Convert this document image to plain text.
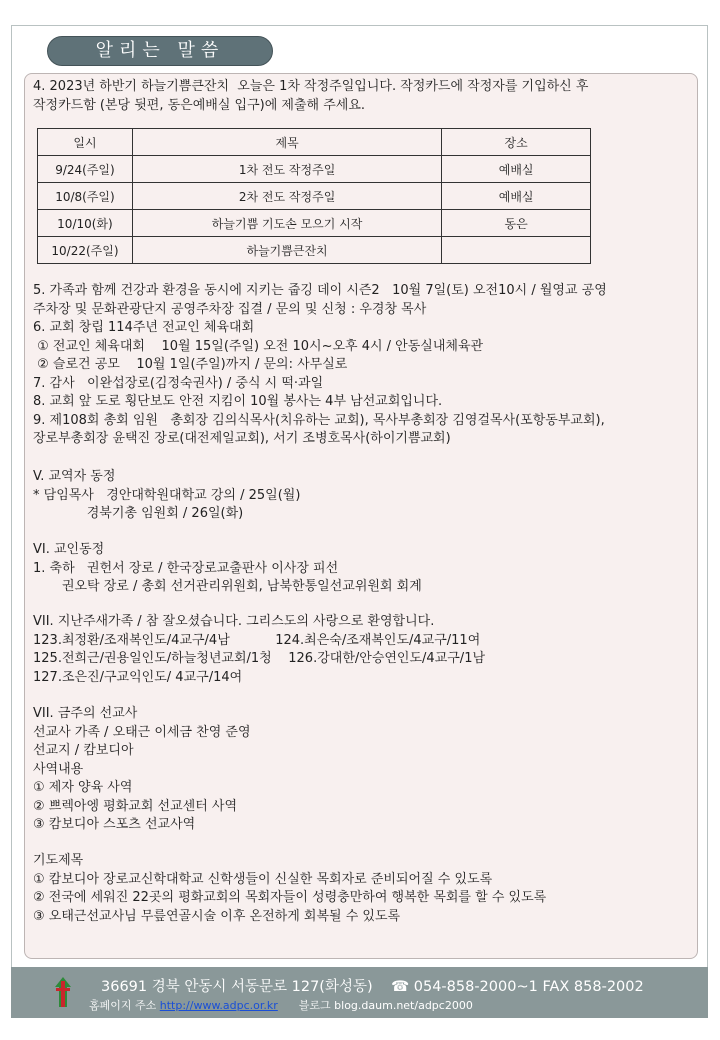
알리는 말씀

4. 2023년 하반기 하늘기쁨큰잔치  오늘은 1차 작정주일입니다. 작정카드에 작정자를 기입하신 후
작정카드함 (본당 뒷편, 동은예배실 입구)에 제출해 주세요.

일시	제목	장소
9/24(주일)	1차 전도 작정주일	예배실
10/8(주일)	2차 전도 작정주일	예배실
10/10(화)	하늘기쁨 기도손 모으기 시작	동은
10/22(주일)	하늘기쁨큰잔치	

5. 가족과 함께 건강과 환경을 동시에 지키는 줍깅 데이 시즌2   10월 7일(토) 오전10시 / 월영교 공영
주차장 및 문화관광단지 공영주차장 집결 / 문의 및 신청 : 우경창 목사
6. 교회 창립 114주년 전교인 체육대회
① 전교인 체육대회    10월 15일(주일) 오전 10시~오후 4시 / 안동실내체육관
② 슬로건 공모    10월 1일(주일)까지 / 문의: 사무실로
7. 감사   이완섭장로(김정숙권사) / 중식 시 떡·과일
8. 교회 앞 도로 횡단보도 안전 지킴이 10월 봉사는 4부 남선교회입니다.
9. 제108회 총회 임원   총회장 김의식목사(치유하는 교회), 목사부총회장 김영걸목사(포항동부교회),
장로부총회장 윤택진 장로(대전제일교회), 서기 조병호목사(하이기쁨교회)

V. 교역자 동정
* 담임목사   경안대학원대학교 강의 / 25일(월)
경북기총 임원회 / 26일(화)

VI. 교인동정
1. 축하   권헌서 장로 / 한국장로교출판사 이사장 피선
권오탁 장로 / 총회 선거관리위원회, 남북한통일선교위원회 회계

VII. 지난주새가족 / 참 잘오셨습니다. 그리스도의 사랑으로 환영합니다.
123.최정환/조재복인도/4교구/4남           124.최은숙/조재복인도/4교구/11여
125.전희근/권용일인도/하늘청년교회/1청    126.강대한/안승연인도/4교구/1남
127.조은진/구교익인도/ 4교구/14여

VII. 금주의 선교사
선교사 가족 / 오태근 이세금 찬영 준영
선교지 / 캄보디아
사역내용
① 제자 양육 사역
② 쁘렉아엥 평화교회 선교센터 사역
③ 캄보디아 스포츠 선교사역

기도제목
① 캄보디아 장로교신학대학교 신학생들이 신실한 목회자로 준비되어질 수 있도록
② 전국에 세워진 22곳의 평화교회의 목회자들이 성령충만하여 행복한 목회를 할 수 있도록
③ 오태근선교사님 무릎연골시술 이후 온전하게 회복될 수 있도록

36691 경북 안동시 서동문로 127(화성동)    ☎ 054-858-2000~1 FAX 858-2002
홈페이지 주소 http://www.adpc.or.kr      블로그 blog.daum.net/adpc2000
